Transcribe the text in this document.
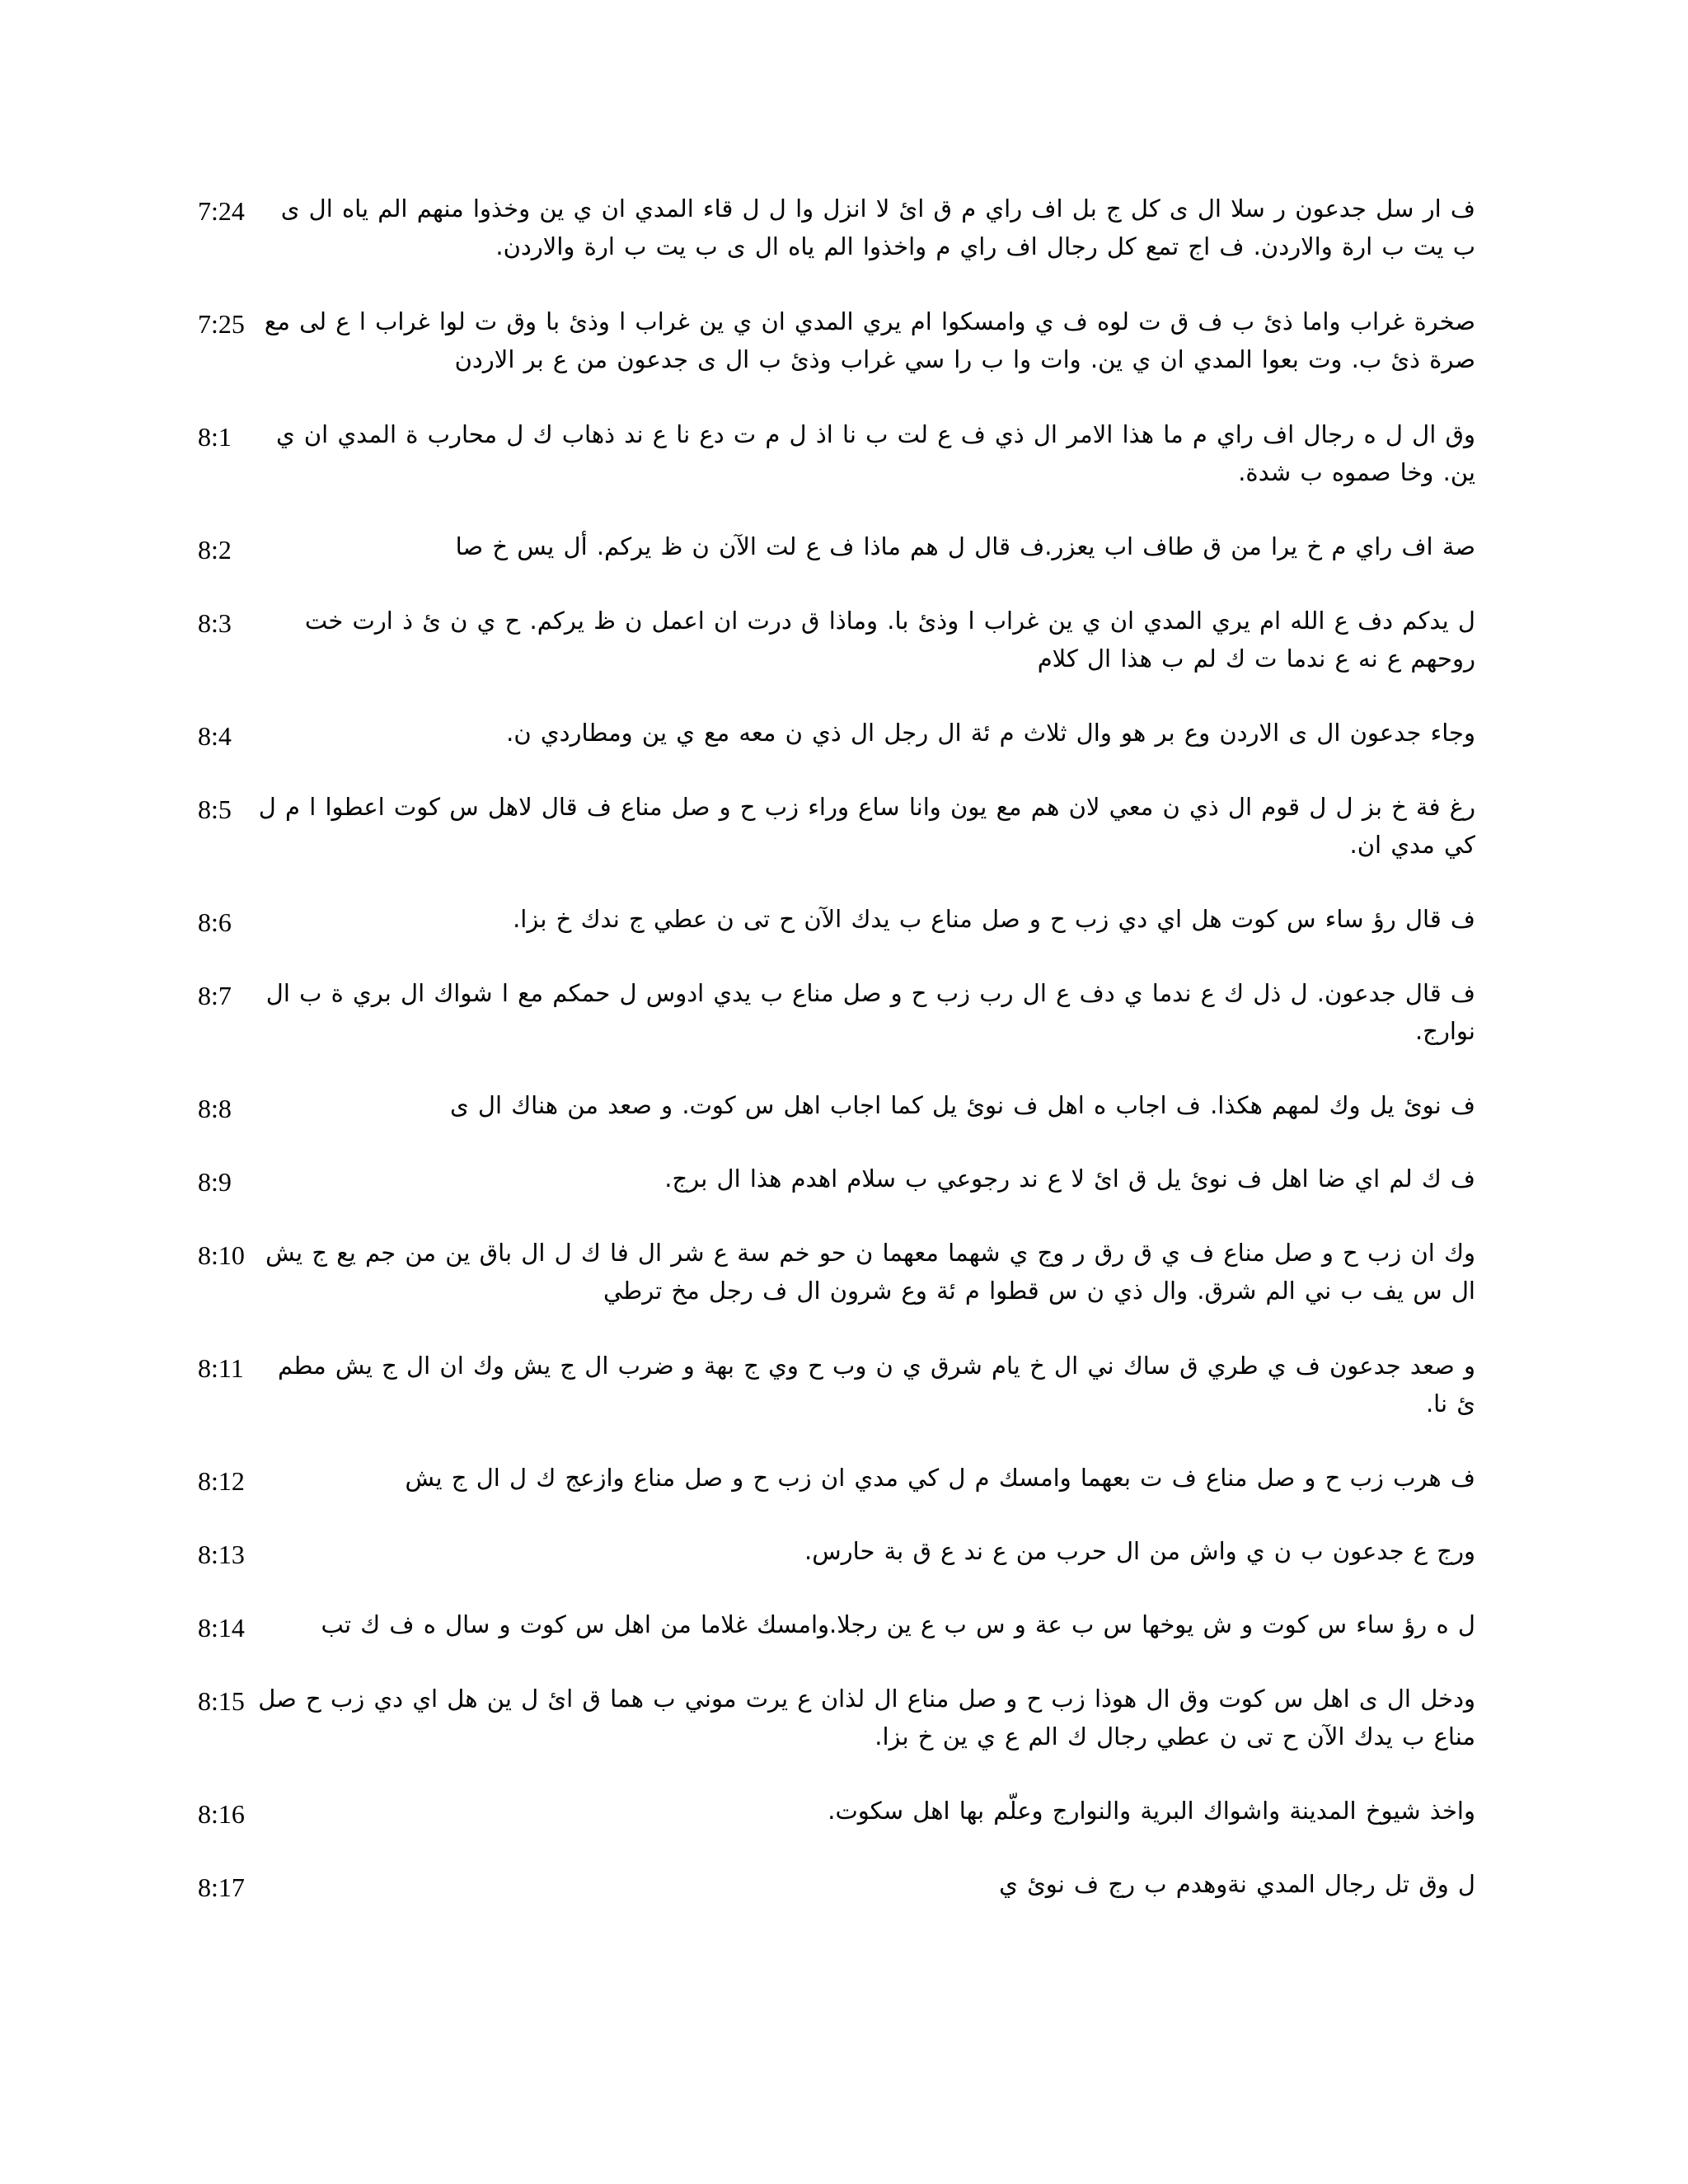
7:24	ف ار سل جدعون ر سلا ال ى كل ج بل اف راي م ق ائ لا انزل وا ل ل قاء المدي ان ي ين وخذوا منهم الم ياه ال ى ب يت ب ارة والاردن. ف اج تمع كل رجال اف راي م واخذوا الم ياه ال ى ب يت ب ارة والاردن.
7:25 صخرة غراب واما ذئ ب ف ق ت لوه ف ي وامسكوا ام يري المدي ان ي ين غراب ا وذئ با وق ت لوا غراب ا ع لى مع صرة ذئ ب. وت بعوا المدي ان ي ين. وات وا ب را سي غراب وذئ ب ال ى جدعون من ع بر الاردن
8:1	وق ال ل ه رجال اف راي م ما هذا الامر ال ذي ف ع لت ب نا اذ ل م ت دع نا ع ند ذهاب ك ل محارب ة المدي ان ي ين. وخا صموه ب شدة.
8:2	صة اف راي م خ يرا من ق طاف اب يعزر.ف قال ل هم ماذا ف ع لت الآن ن ظ يركم. أل يس خ صا
8:3	ل يدكم دف ع الله ام يري المدي ان ي ين غراب ا وذئ با. وماذا ق درت ان اعمل ن ظ يركم. ح ي ن ئ ذ ارت خت روحهم ع نه ع ندما ت ك لم ب هذا ال كلام
8:4	وجاء جدعون ال ى الاردن وع بر هو وال ثلاث م ئة ال رجل ال ذي ن معه مع ي ين ومطاردي ن.
8:5 رغ فة خ بز ل ل قوم ال ذي ن معي لان هم مع يون وانا ساع وراء زب ح و صل مناع ف قال لاهل س كوت اعطوا ا م ل كي مدي ان.
8:6	ف قال رؤ ساء س كوت هل اي دي زب ح و صل مناع ب يدك الآن ح تى ن عطي ج ندك خ بزا.
8:7	ف قال جدعون. ل ذل ك ع ندما ي دف ع ال رب زب ح و صل مناع ب يدي ادوس ل حمكم مع ا شواك ال بري ة ب ال نوارج.
8:8	ف نوئ يل وك لمهم هكذا. ف اجاب ه اهل ف نوئ يل كما اجاب اهل س كوت. و صعد من هناك ال ى
8:9	ف ك لم اي ضا اهل ف نوئ يل ق ائ لا ع ند رجوعي ب سلام اهدم هذا ال برج.
8:10 وك ان زب ح و صل مناع ف ي ق رق ر وج ي شهما معهما ن حو خم سة ع شر ال فا ك ل ال باق ين من جم يع ج يش ال س يف ب ني الم شرق. وال ذي ن س قطوا م ئة وع شرون ال ف رجل مخ ترطي
8:11	و صعد جدعون ف ي طري ق ساك ني ال خ يام شرق ي ن وب ح وي ج بهة و ضرب ال ج يش وك ان ال ج يش مطم ئ نا.
8:12	ف هرب زب ح و صل مناع ف ت بعهما وامسك م ل كي مدي ان زب ح و صل مناع وازعج ك ل ال ج يش
8:13	ورج ع جدعون ب ن ي واش من ال حرب من ع ند ع ق بة حارس.
8:14	ل ه رؤ ساء س كوت و ش يوخها س ب عة و س ب ع ين رجلا.وامسك غلاما من اهل س كوت و سال ه ف ك تب
8:15 ودخل ال ى اهل س كوت وق ال هوذا زب ح و صل مناع ال لذان ع يرت موني ب هما ق ائ ل ين هل اي دي زب ح صل مناع ب يدك الآن ح تى ن عطي رجال ك الم ع ي ين خ بزا.
8:16	واخذ شيوخ المدينة واشواك البرية والنوارج وعلّم بها اهل سكوت.
8:17	ل وق تل رجال المدي نةوهدم ب رج ف نوئ ي
